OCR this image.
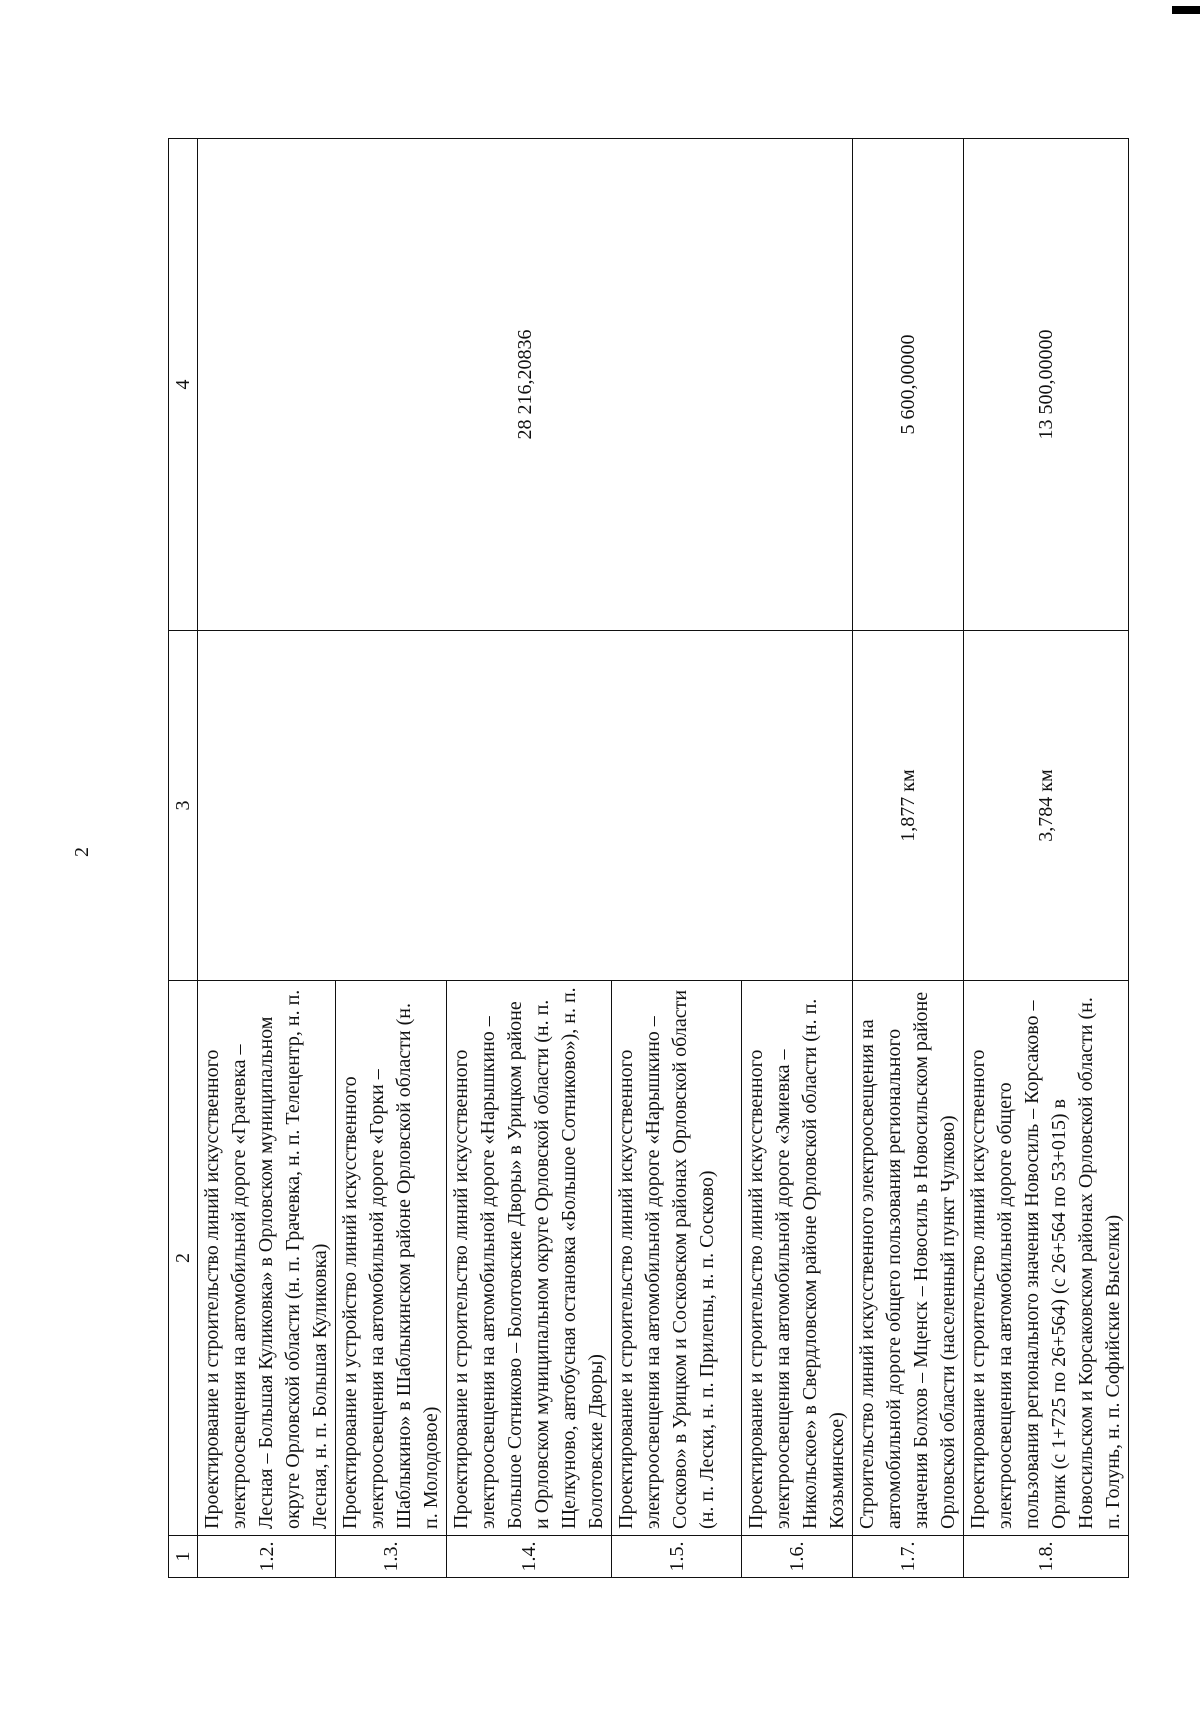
2
1	2	3	4
1.2.	Проектирование и строительство линий искусственного электроосвещения на автомобильной дороге «Грачевка – Лесная – Большая Куликовка» в Орловском муниципальном округе Орловской области (н. п. Грачевка, н. п. Телецентр, н. п. Лесная, н. п. Большая Куликовка)		28 216,20836
1.3.	Проектирование и устройство линий искусственного электроосвещения на автомобильной дороге «Горки – Шаблыкино» в Шаблыкинском районе Орловской области (н. п. Молодовое)		
1.4.	Проектирование и строительство линий искусственного электроосвещения на автомобильной дороге «Нарышкино – Большое Сотниково – Болотовские Дворы» в Урицком районе и Орловском муниципальном округе Орловской области (н. п. Щелкуново, автобусная остановка «Большое Сотниково»), н. п. Болотовские Дворы)		
1.5.	Проектирование и строительство линий искусственного электроосвещения на автомобильной дороге «Нарышкино – Сосково» в Урицком и Сосковском районах Орловской области (н. п. Лески, н. п. Прилепы, н. п. Сосково)		
1.6.	Проектирование и строительство линий искусственного электроосвещения на автомобильной дороге «Змиевка – Никольское» в Свердловском районе Орловской области (н. п. Козьминское)		
1.7.	Строительство линий искусственного электроосвещения на автомобильной дороге общего пользования регионального значения Болхов – Мценск – Новосиль в Новосильском районе Орловской области (населенный пункт Чулково)	1,877 км	5 600,00000
1.8.	Проектирование и строительство линий искусственного электроосвещения на автомобильной дороге общего пользования регионального значения Новосиль – Корсаково – Орлик (с 1+725 по 26+564) (с 26+564 по 53+015) в Новосильском и Корсаковском районах Орловской области (н. п. Голунь, н. п. Софийские Выселки)	3,784 км	13 500,00000
